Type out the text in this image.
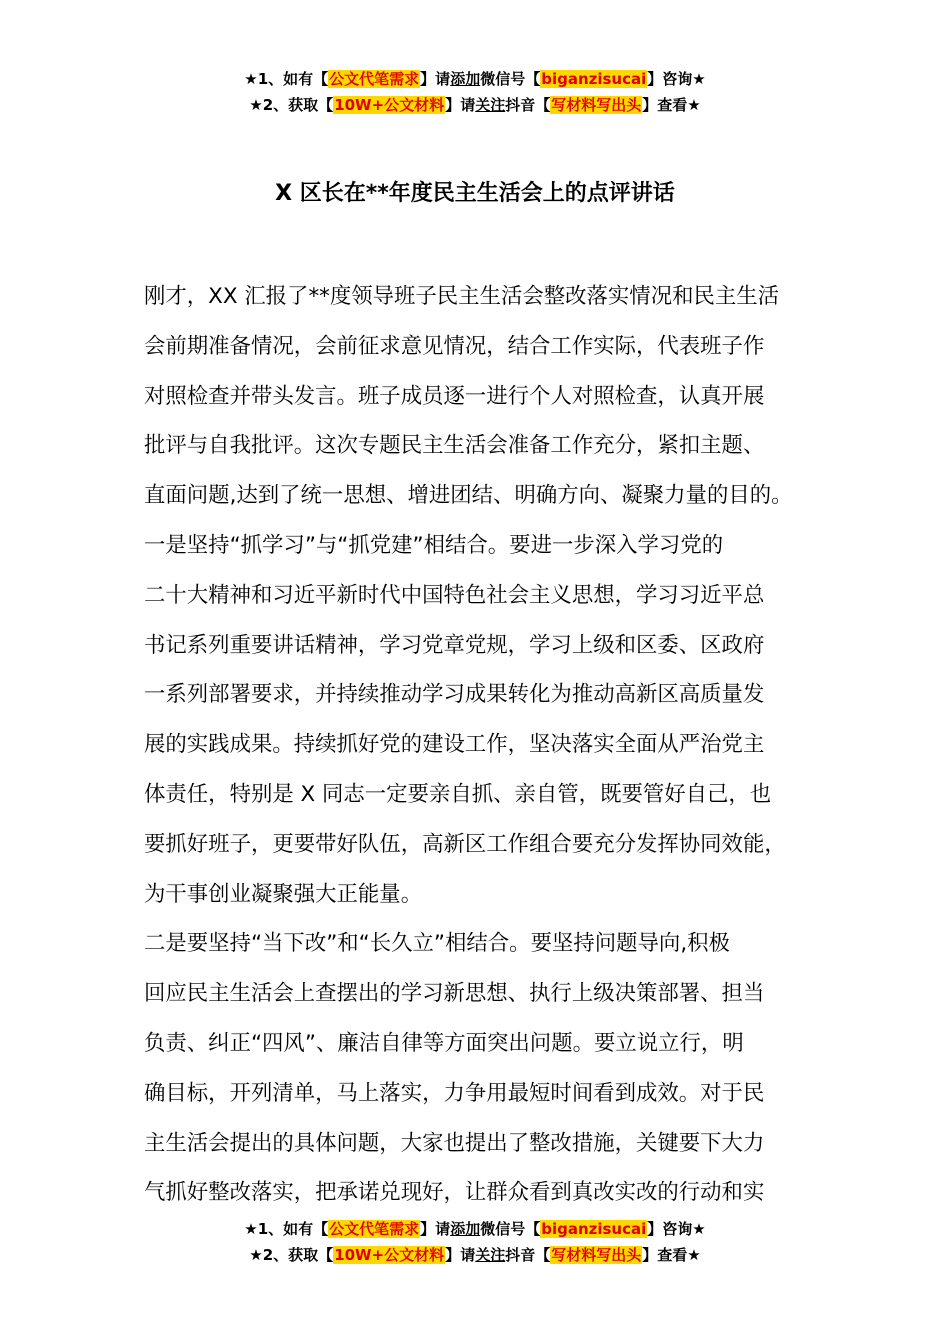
★1、如有【公文代笔需求】请添加微信号【biganzisucai】咨询★
★2、获取【10W+公文材料】请关注抖音【写材料写出头】查看★
X 区长在**年度民主生活会上的点评讲话
刚才，XX 汇报了**度领导班子民主生活会整改落实情况和民主生活
会前期准备情况，会前征求意见情况，结合工作实际，代表班子作
对照检查并带头发言。班子成员逐一进行个人对照检查，认真开展
批评与自我批评。这次专题民主生活会准备工作充分，紧扣主题、
直面问题,达到了统一思想、增进团结、明确方向、凝聚力量的目的。
一是坚持“抓学习”与“抓党建”相结合。要进一步深入学习党的
二十大精神和习近平新时代中国特色社会主义思想，学习习近平总
书记系列重要讲话精神，学习党章党规，学习上级和区委、区政府
一系列部署要求，并持续推动学习成果转化为推动高新区高质量发
展的实践成果。持续抓好党的建设工作，坚决落实全面从严治党主
体责任，特别是 X 同志一定要亲自抓、亲自管，既要管好自己，也
要抓好班子，更要带好队伍，高新区工作组合要充分发挥协同效能，
为干事创业凝聚强大正能量。
二是要坚持“当下改”和“长久立”相结合。要坚持问题导向,积极
回应民主生活会上查摆出的学习新思想、执行上级决策部署、担当
负责、纠正“四风”、廉洁自律等方面突出问题。要立说立行，明
确目标，开列清单，马上落实，力争用最短时间看到成效。对于民
主生活会提出的具体问题，大家也提出了整改措施，关键要下大力
气抓好整改落实，把承诺兑现好，让群众看到真改实改的行动和实
★1、如有【公文代笔需求】请添加微信号【biganzisucai】咨询★
★2、获取【10W+公文材料】请关注抖音【写材料写出头】查看★
